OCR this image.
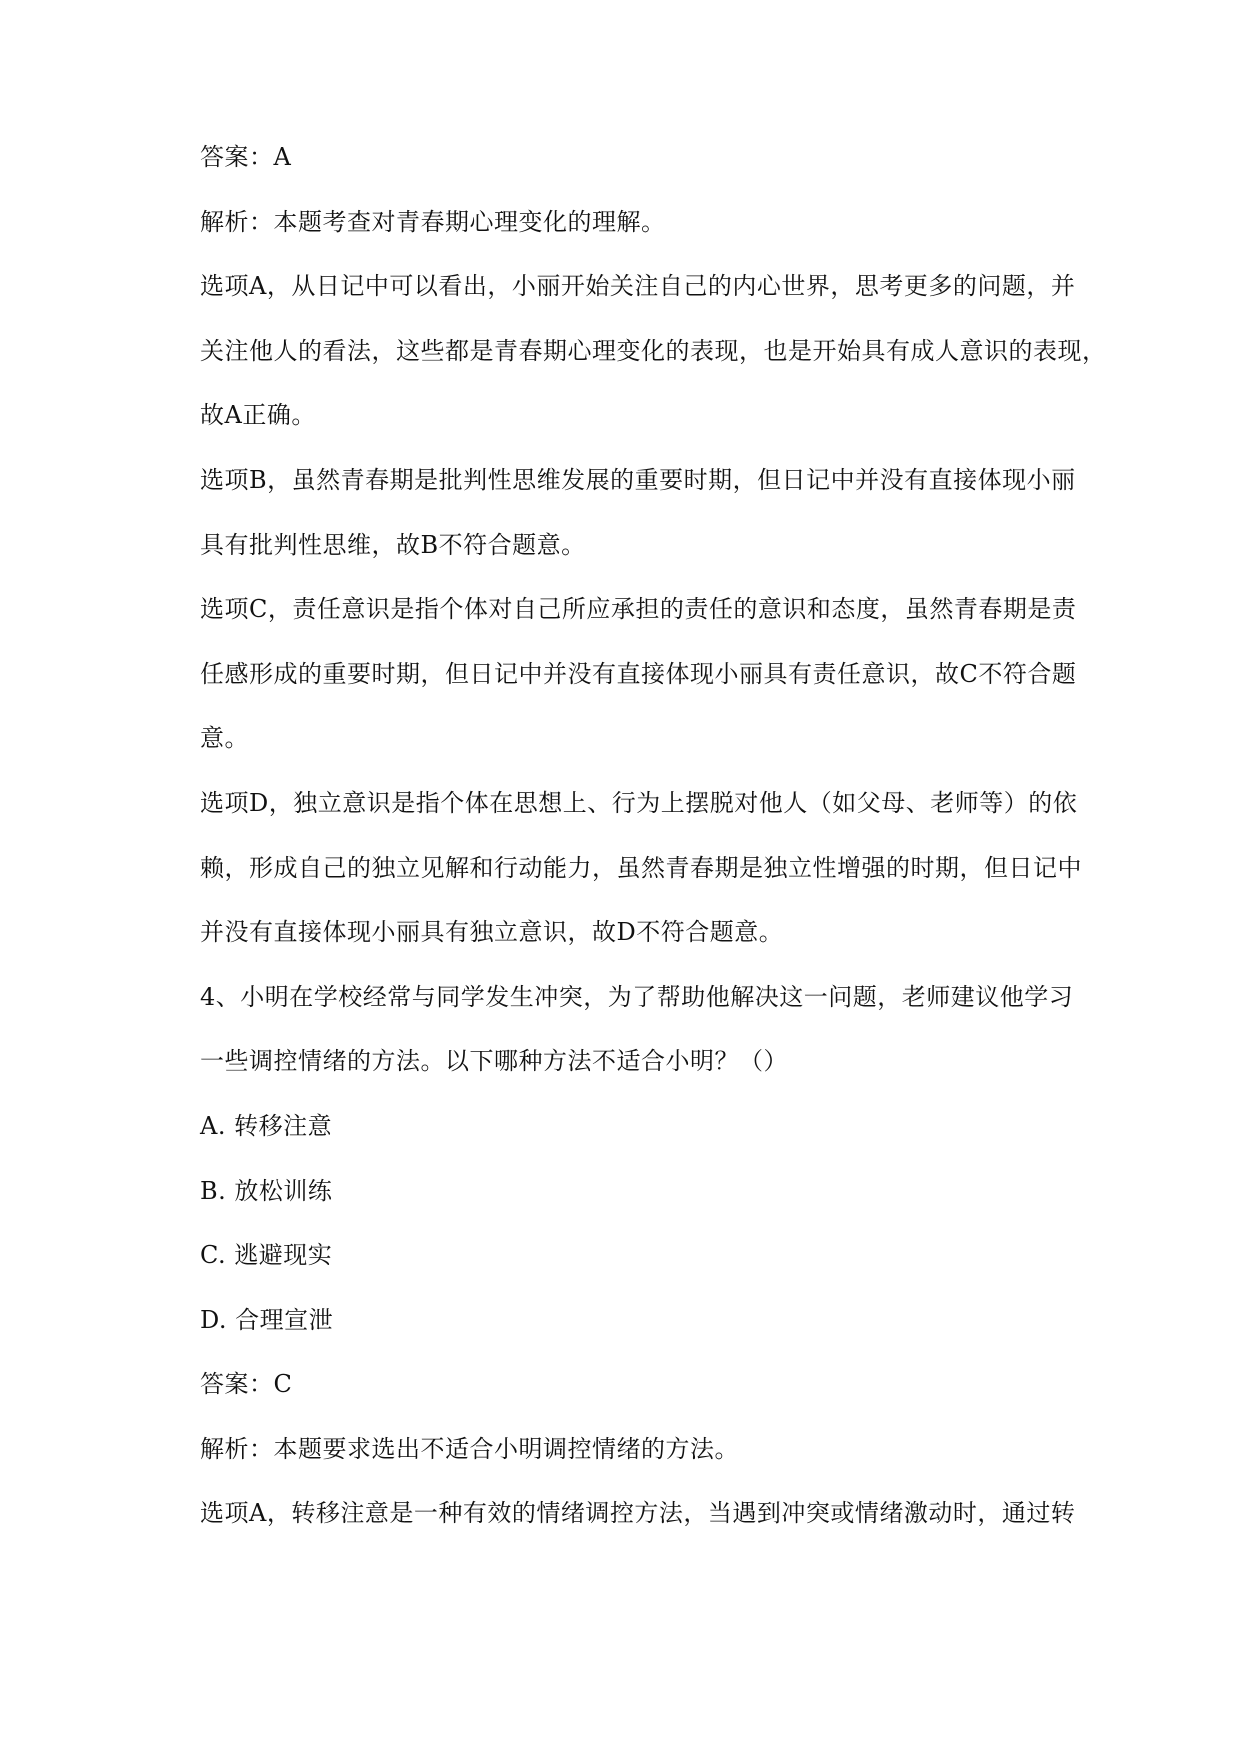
答案：A

解析：本题考查对青春期心理变化的理解。

选项A，从日记中可以看出，小丽开始关注自己的内心世界，思考更多的问题，并

关注他人的看法，这些都是青春期心理变化的表现，也是开始具有成人意识的表现，

故A正确。

选项B，虽然青春期是批判性思维发展的重要时期，但日记中并没有直接体现小丽

具有批判性思维，故B不符合题意。

选项C，责任意识是指个体对自己所应承担的责任的意识和态度，虽然青春期是责

任感形成的重要时期，但日记中并没有直接体现小丽具有责任意识，故C不符合题

意。

选项D，独立意识是指个体在思想上、行为上摆脱对他人（如父母、老师等）的依

赖，形成自己的独立见解和行动能力，虽然青春期是独立性增强的时期，但日记中

并没有直接体现小丽具有独立意识，故D不符合题意。

4、小明在学校经常与同学发生冲突，为了帮助他解决这一问题，老师建议他学习

一些调控情绪的方法。以下哪种方法不适合小明？（）

A. 转移注意

B. 放松训练

C. 逃避现实

D. 合理宣泄

答案：C

解析：本题要求选出不适合小明调控情绪的方法。

选项A，转移注意是一种有效的情绪调控方法，当遇到冲突或情绪激动时，通过转
